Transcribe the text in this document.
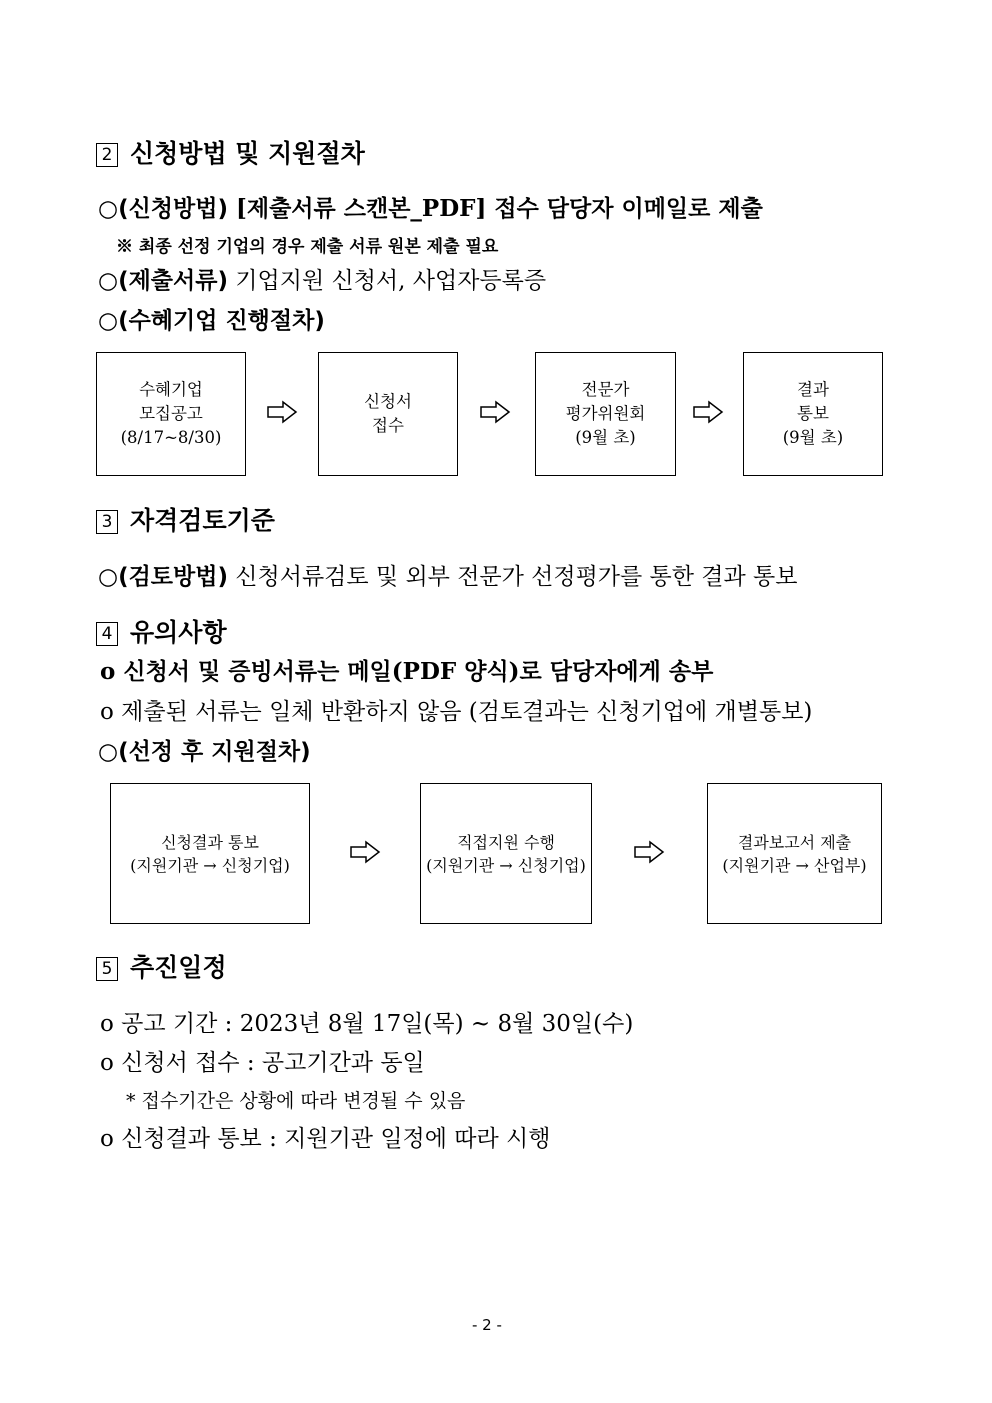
2 신청방법 및 지원절차
○(신청방법) [제출서류 스캔본_PDF] 접수 담당자 이메일로 제출
※ 최종 선정 기업의 경우 제출 서류 원본 제출 필요
○(제출서류) 기업지원 신청서, 사업자등록증
○(수혜기업 진행절차)
수혜기업
모집공고
(8/17~8/30)
신청서
접수
전문가
평가위원회
(9월 초)
결과
통보
(9월 초)
3 자격검토기준
○(검토방법) 신청서류검토 및 외부 전문가 선정평가를 통한 결과 통보
4 유의사항
o 신청서 및 증빙서류는 메일(PDF 양식)로 담당자에게 송부
o 제출된 서류는 일체 반환하지 않음 (검토결과는 신청기업에 개별통보)
○(선정 후 지원절차)
신청결과 통보
(지원기관 → 신청기업)
직접지원 수행
(지원기관 → 신청기업)
결과보고서 제출
(지원기관 → 산업부)
5 추진일정
o 공고 기간 : 2023년 8월 17일(목) ~ 8월 30일(수)
o 신청서 접수 : 공고기간과 동일
* 접수기간은 상황에 따라 변경될 수 있음
o 신청결과 통보 : 지원기관 일정에 따라 시행
- 2 -
